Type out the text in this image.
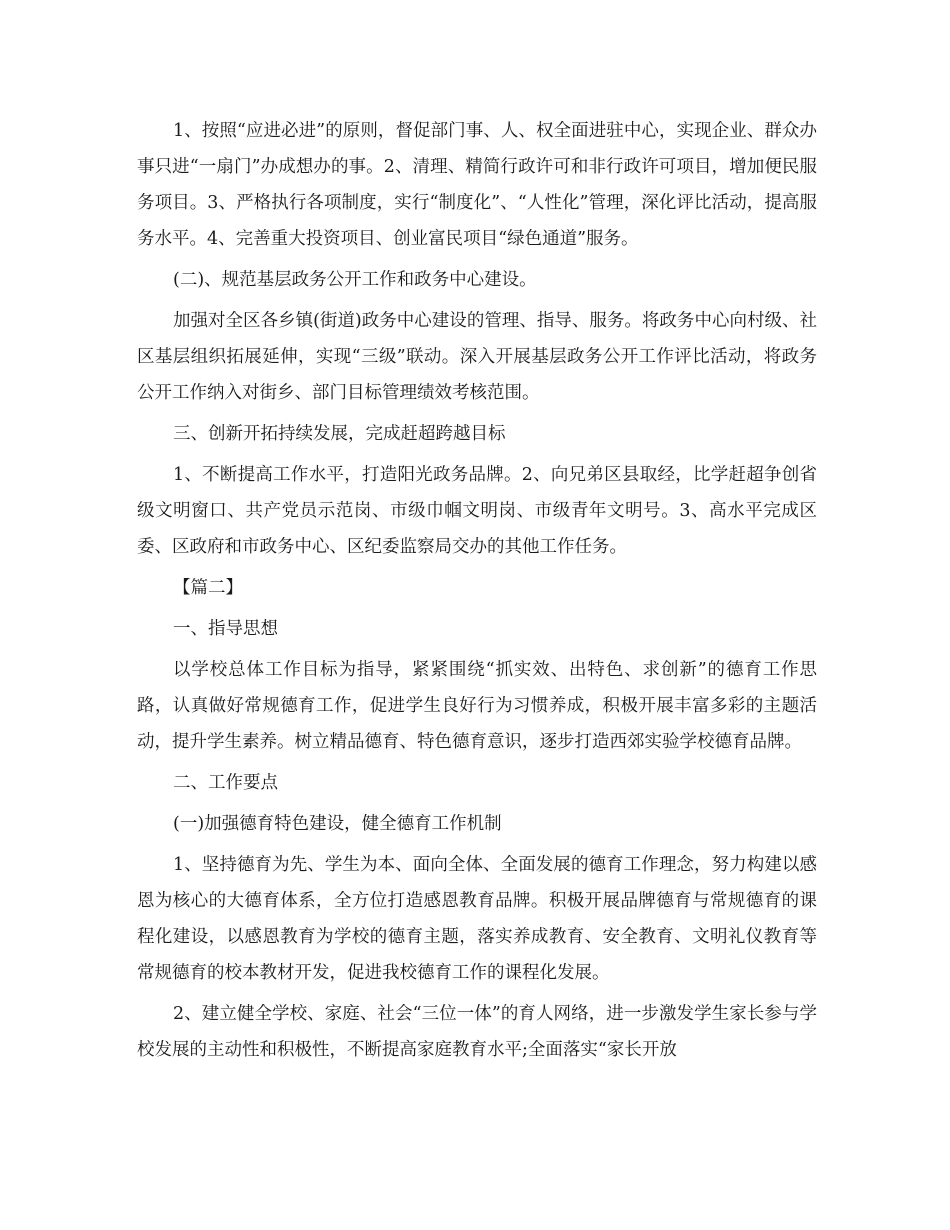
1、按照“应进必进”的原则，督促部门事、人、权全面进驻中心，实现企业、群众办事只进“一扇门”办成想办的事。2、清理、精简行政许可和非行政许可项目，增加便民服务项目。3、严格执行各项制度，实行“制度化”、“人性化”管理，深化评比活动，提高服务水平。4、完善重大投资项目、创业富民项目“绿色通道”服务。

(二)、规范基层政务公开工作和政务中心建设。

加强对全区各乡镇(街道)政务中心建设的管理、指导、服务。将政务中心向村级、社区基层组织拓展延伸，实现“三级”联动。深入开展基层政务公开工作评比活动，将政务公开工作纳入对街乡、部门目标管理绩效考核范围。

三、创新开拓持续发展，完成赶超跨越目标

1、不断提高工作水平，打造阳光政务品牌。2、向兄弟区县取经，比学赶超争创省级文明窗口、共产党员示范岗、市级巾帼文明岗、市级青年文明号。3、高水平完成区委、区政府和市政务中心、区纪委监察局交办的其他工作任务。

【篇二】

一、指导思想

以学校总体工作目标为指导，紧紧围绕“抓实效、出特色、求创新”的德育工作思路，认真做好常规德育工作，促进学生良好行为习惯养成，积极开展丰富多彩的主题活动，提升学生素养。树立精品德育、特色德育意识，逐步打造西郊实验学校德育品牌。

二、工作要点

(一)加强德育特色建设，健全德育工作机制

1、坚持德育为先、学生为本、面向全体、全面发展的德育工作理念，努力构建以感恩为核心的大德育体系，全方位打造感恩教育品牌。积极开展品牌德育与常规德育的课程化建设，以感恩教育为学校的德育主题，落实养成教育、安全教育、文明礼仪教育等常规德育的校本教材开发，促进我校德育工作的课程化发展。

2、建立健全学校、家庭、社会“三位一体”的育人网络，进一步激发学生家长参与学校发展的主动性和积极性，不断提高家庭教育水平;全面落实“家长开放
